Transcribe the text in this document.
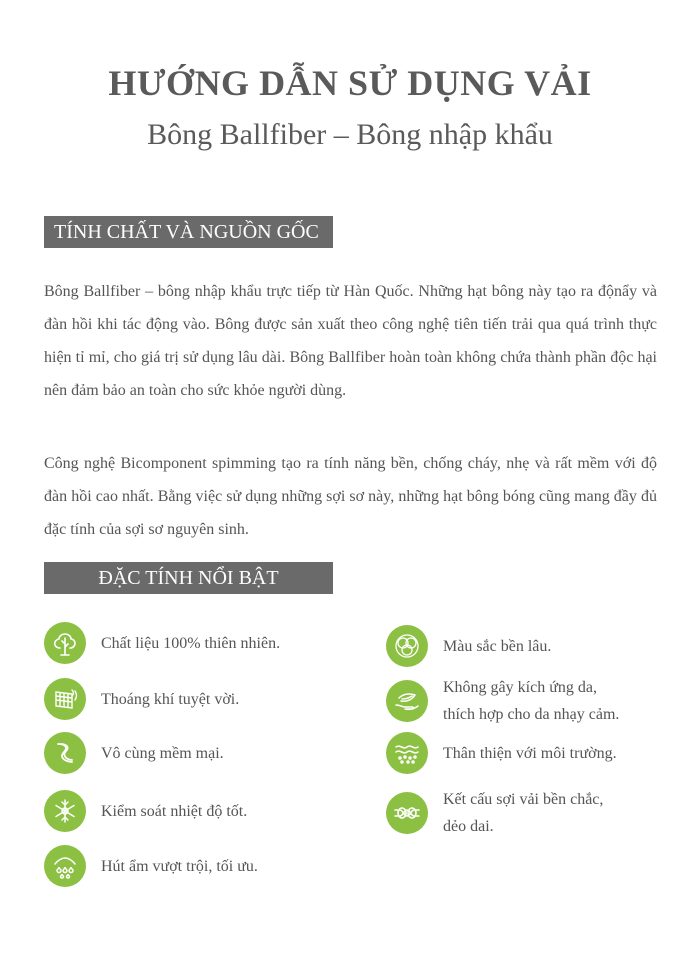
HƯỚNG DẪN SỬ DỤNG VẢI
Bông Ballfiber – Bông nhập khẩu
TÍNH CHẤT VÀ NGUỒN GỐC

Bông Ballfiber – bông nhập khẩu trực tiếp từ Hàn Quốc. Những hạt bông này tạo ra độnẩy và đàn hồi khi tác động vào. Bông được sản xuất theo công nghệ tiên tiến trải qua quá trình thực hiện tỉ mỉ, cho giá trị sử dụng lâu dài. Bông Ballfiber hoàn toàn không chứa thành phần độc hại nên đảm bảo an toàn cho sức khỏe người dùng.

Công nghệ Bicomponent spimming tạo ra tính năng bền, chống cháy, nhẹ và rất mềm với độ đàn hồi cao nhất. Bằng việc sử dụng những sợi sơ này, những hạt bông bóng cũng mang đầy đủ đặc tính của sợi sơ nguyên sinh.

ĐẶC TÍNH NỔI BẬT
Chất liệu 100% thiên nhiên.
Thoáng khí tuyệt vời.
Vô cùng mềm mại.
Kiểm soát nhiệt độ tốt.
Hút ẩm vượt trội, tối ưu.
Màu sắc bền lâu.
Không gây kích ứng da,
thích hợp cho da nhạy cảm.
Thân thiện với môi trường.
Kết cấu sợi vải bền chắc,
dẻo dai.
